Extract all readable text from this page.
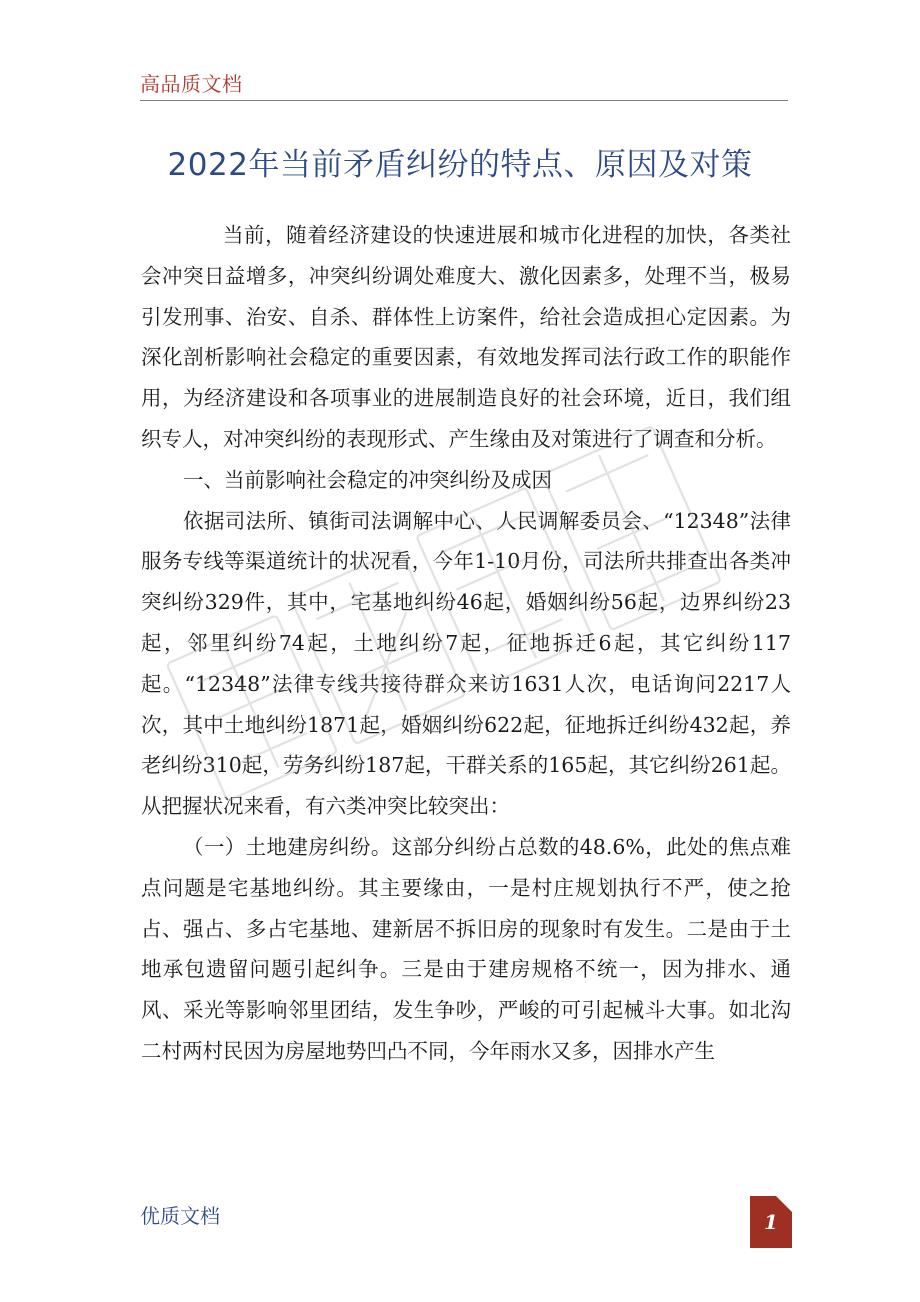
高品质文档
2022年当前矛盾纠纷的特点、原因及对策

当前，随着经济建设的快速进展和城市化进程的加快，各类社会冲突日益增多，冲突纠纷调处难度大、激化因素多，处理不当，极易引发刑事、治安、自杀、群体性上访案件，给社会造成担心定因素。为深化剖析影响社会稳定的重要因素，有效地发挥司法行政工作的职能作用，为经济建设和各项事业的进展制造良好的社会环境，近日，我们组织专人，对冲突纠纷的表现形式、产生缘由及对策进行了调查和分析。

一、当前影响社会稳定的冲突纠纷及成因

依据司法所、镇街司法调解中心、人民调解委员会、“12348”法律服务专线等渠道统计的状况看，今年1-10月份，司法所共排查出各类冲突纠纷329件，其中，宅基地纠纷46起，婚姻纠纷56起，边界纠纷23起，邻里纠纷74起，土地纠纷7起，征地拆迁6起，其它纠纷117起。“12348”法律专线共接待群众来访1631人次，电话询问2217人次，其中土地纠纷1871起，婚姻纠纷622起，征地拆迁纠纷432起，养老纠纷310起，劳务纠纷187起，干群关系的165起，其它纠纷261起。从把握状况来看，有六类冲突比较突出：

（一）土地建房纠纷。这部分纠纷占总数的48.6%，此处的焦点难点问题是宅基地纠纷。其主要缘由，一是村庄规划执行不严，使之抢占、强占、多占宅基地、建新居不拆旧房的现象时有发生。二是由于土地承包遗留问题引起纠争。三是由于建房规格不统一，因为排水、通风、采光等影响邻里团结，发生争吵，严峻的可引起械斗大事。如北沟二村两村民因为房屋地势凹凸不同，今年雨水又多，因排水产生

优质文档	1
